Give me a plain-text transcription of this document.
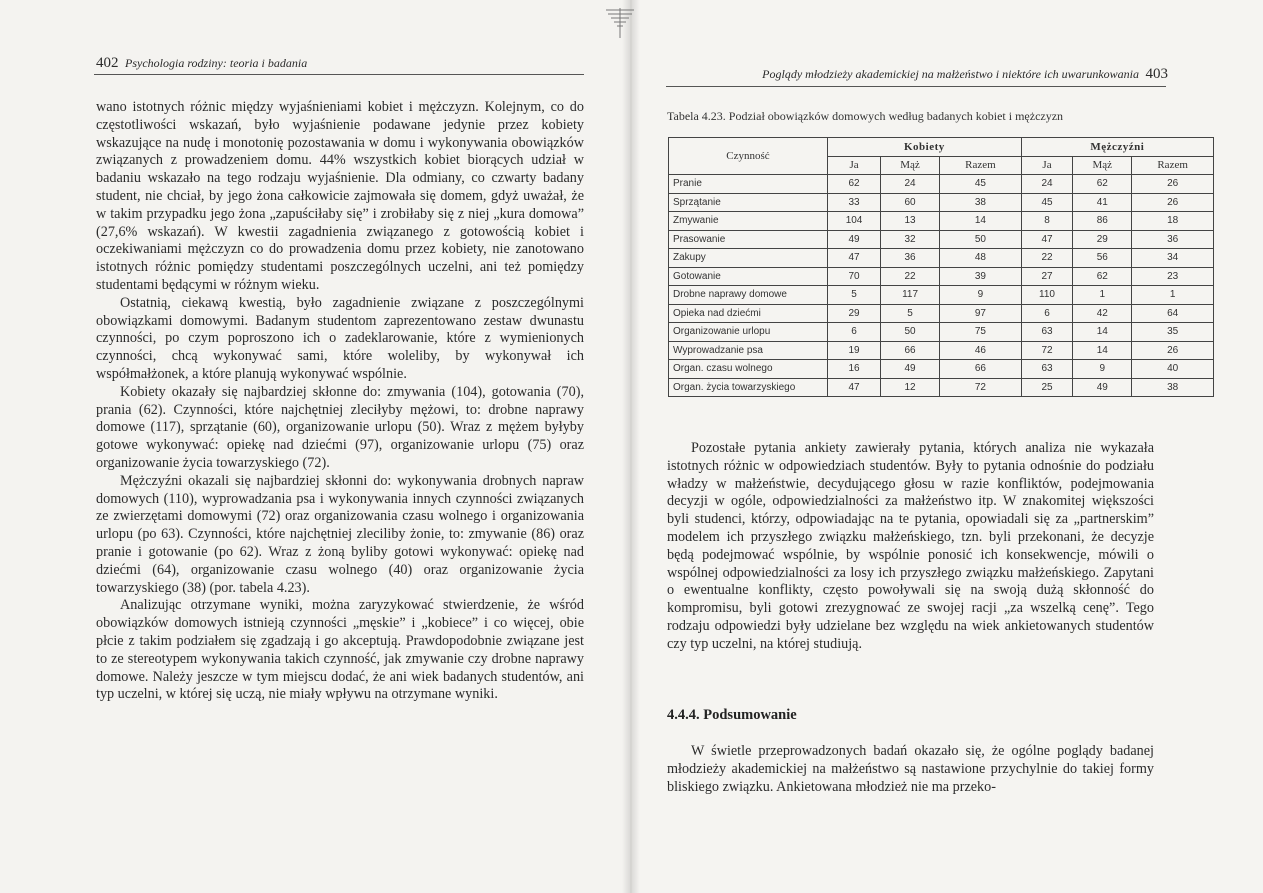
402 Psychologia rodziny: teoria i badania

wano istotnych różnic między wyjaśnieniami kobiet i mężczyzn. Kolejnym, co do częstotliwości wskazań, było wyjaśnienie podawane jedynie przez kobiety wskazujące na nudę i monotonię pozostawania w domu i wykonywania obowiązków związanych z prowadzeniem domu. 44% wszystkich kobiet biorących udział w badaniu wskazało na tego rodzaju wyjaśnienie. Dla odmiany, co czwarty badany student, nie chciał, by jego żona całkowicie zajmowała się domem, gdyż uważał, że w takim przypadku jego żona „zapuściłaby się” i zrobiłaby się z niej „kura domowa” (27,6% wskazań). W kwestii zagadnienia związanego z gotowością kobiet i oczekiwaniami mężczyzn co do prowadzenia domu przez kobiety, nie zanotowano istotnych różnic pomiędzy studentami poszczególnych uczelni, ani też pomiędzy studentami będącymi w różnym wieku.

Ostatnią, ciekawą kwestią, było zagadnienie związane z poszczególnymi obowiązkami domowymi. Badanym studentom zaprezentowano zestaw dwunastu czynności, po czym poproszono ich o zadeklarowanie, które z wymienionych czynności, chcą wykonywać sami, które woleliby, by wykonywał ich współmałżonek, a które planują wykonywać wspólnie.

Kobiety okazały się najbardziej skłonne do: zmywania (104), gotowania (70), prania (62). Czynności, które najchętniej zleciłyby mężowi, to: drobne naprawy domowe (117), sprzątanie (60), organizowanie urlopu (50). Wraz z mężem byłyby gotowe wykonywać: opiekę nad dziećmi (97), organizowanie urlopu (75) oraz organizowanie życia towarzyskiego (72).

Mężczyźni okazali się najbardziej skłonni do: wykonywania drobnych napraw domowych (110), wyprowadzania psa i wykonywania innych czynności związanych ze zwierzętami domowymi (72) oraz organizowania czasu wolnego i organizowania urlopu (po 63). Czynności, które najchętniej zleciliby żonie, to: zmywanie (86) oraz pranie i gotowanie (po 62). Wraz z żoną byliby gotowi wykonywać: opiekę nad dziećmi (64), organizowanie czasu wolnego (40) oraz organizowanie życia towarzyskiego (38) (por. tabela 4.23).

Analizując otrzymane wyniki, można zaryzykować stwierdzenie, że wśród obowiązków domowych istnieją czynności „męskie” i „kobiece” i co więcej, obie płcie z takim podziałem się zgadzają i go akceptują. Prawdopodobnie związane jest to ze stereotypem wykonywania takich czynność, jak zmywanie czy drobne naprawy domowe. Należy jeszcze w tym miejscu dodać, że ani wiek badanych studentów, ani typ uczelni, w której się uczą, nie miały wpływu na otrzymane wyniki.

Poglądy młodzieży akademickiej na małżeństwo i niektóre ich uwarunkowania 403
Tabela 4.23. Podział obowiązków domowych według badanych kobiet i mężczyzn
Czynność	Kobiety			Mężczyźni		
	Ja	Mąż	Razem	Ja	Mąż	Razem
Pranie	62	24	45	24	62	26
Sprzątanie	33	60	38	45	41	26
Zmywanie	104	13	14	8	86	18
Prasowanie	49	32	50	47	29	36
Zakupy	47	36	48	22	56	34
Gotowanie	70	22	39	27	62	23
Drobne naprawy domowe	5	117	9	110	1	1
Opieka nad dziećmi	29	5	97	6	42	64
Organizowanie urlopu	6	50	75	63	14	35
Wyprowadzanie psa	19	66	46	72	14	26
Organ. czasu wolnego	16	49	66	63	9	40
Organ. życia towarzyskiego	47	12	72	25	49	38

Pozostałe pytania ankiety zawierały pytania, których analiza nie wykazała istotnych różnic w odpowiedziach studentów. Były to pytania odnośnie do podziału władzy w małżeństwie, decydującego głosu w razie konfliktów, podejmowania decyzji w ogóle, odpowiedzialności za małżeństwo itp. W znakomitej większości byli studenci, którzy, odpowiadając na te pytania, opowiadali się za „partnerskim” modelem ich przyszłego związku małżeńskiego, tzn. byli przekonani, że decyzje będą podejmować wspólnie, by wspólnie ponosić ich konsekwencje, mówili o wspólnej odpowiedzialności za losy ich przyszłego związku małżeńskiego. Zapytani o ewentualne konflikty, często powoływali się na swoją dużą skłonność do kompromisu, byli gotowi zrezygnować ze swojej racji „za wszelką cenę”. Tego rodzaju odpowiedzi były udzielane bez względu na wiek ankietowanych studentów czy typ uczelni, na której studiują.

4.4.4. Podsumowanie

W świetle przeprowadzonych badań okazało się, że ogólne poglądy badanej młodzieży akademickiej na małżeństwo są nastawione przychylnie do takiej formy bliskiego związku. Ankietowana młodzież nie ma przeko-
